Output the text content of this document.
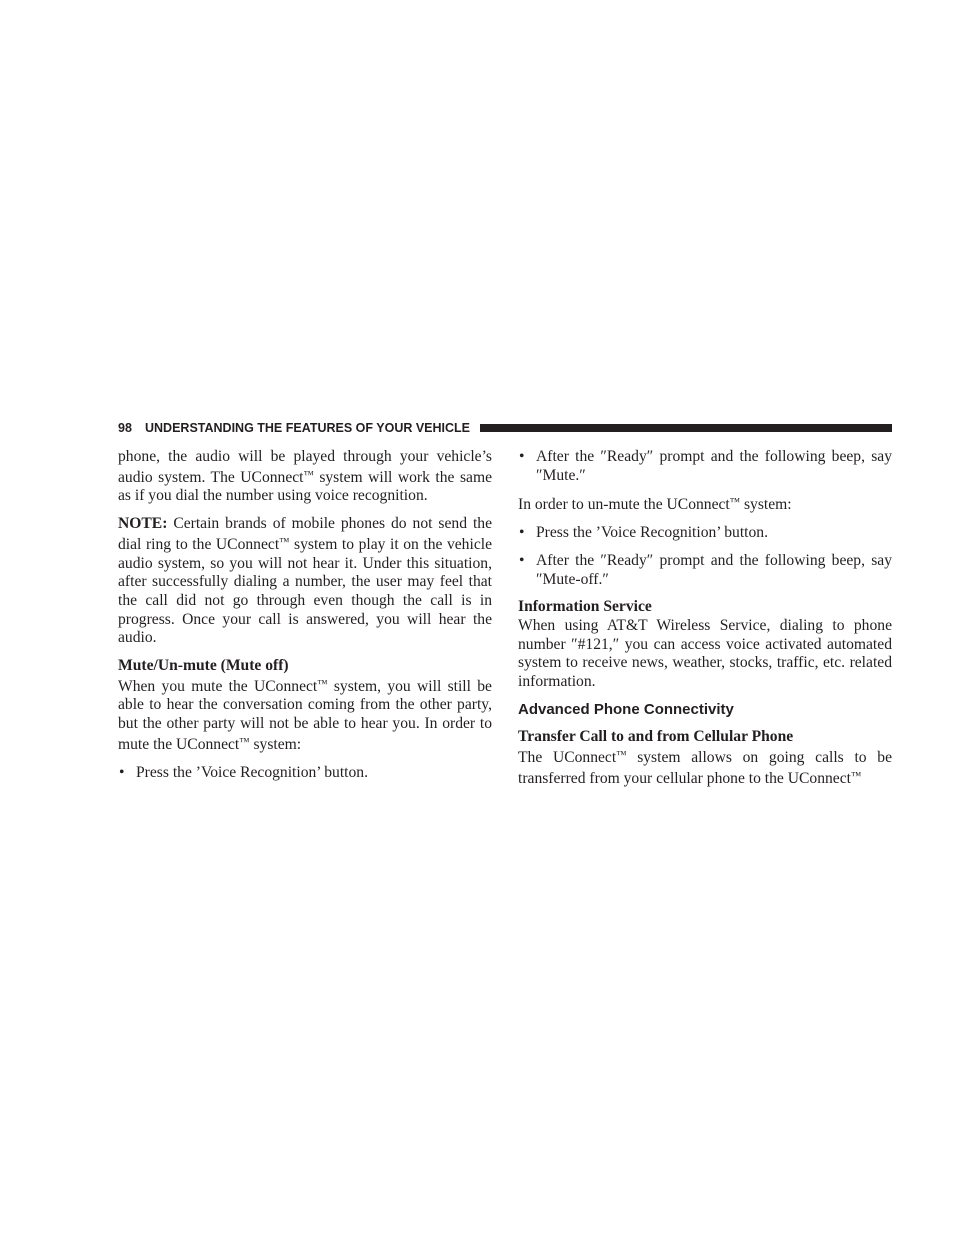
98 UNDERSTANDING THE FEATURES OF YOUR VEHICLE

phone, the audio will be played through your vehicle’s audio system. The UConnect™ system will work the same as if you dial the number using voice recognition.

NOTE: Certain brands of mobile phones do not send the dial ring to the UConnect™ system to play it on the vehicle audio system, so you will not hear it. Under this situation, after successfully dialing a number, the user may feel that the call did not go through even though the call is in progress. Once your call is answered, you will hear the audio.

Mute/Un-mute (Mute off)

When you mute the UConnect™ system, you will still be able to hear the conversation coming from the other party, but the other party will not be able to hear you. In order to mute the UConnect™ system:

• Press the ’Voice Recognition’ button.
• After the ″Ready″ prompt and the following beep, say ″Mute.″

In order to un-mute the UConnect™ system:

• Press the ’Voice Recognition’ button.
• After the ″Ready″ prompt and the following beep, say ″Mute-off.″
Information Service

When using AT&T Wireless Service, dialing to phone number ″#121,″ you can access voice activated automated system to receive news, weather, stocks, traffic, etc. related information.

Advanced Phone Connectivity
Transfer Call to and from Cellular Phone

The UConnect™ system allows on going calls to be transferred from your cellular phone to the UConnect™
